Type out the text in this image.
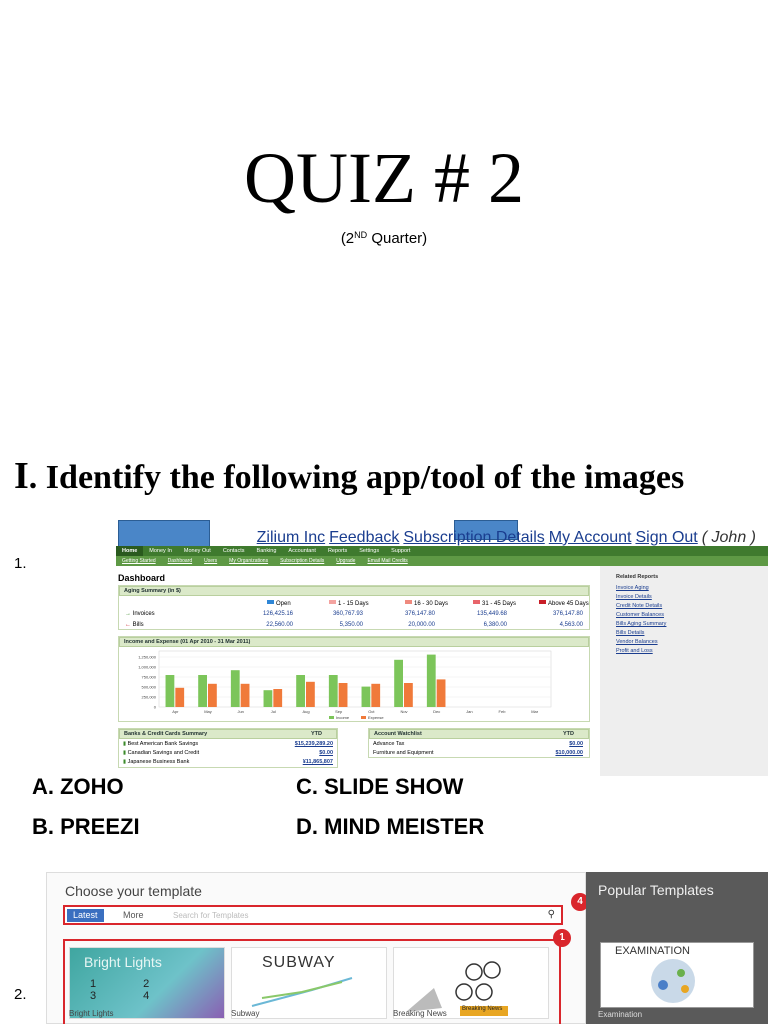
QUIZ # 2
(2ND Quarter)
I. Identify the following app/tool of the images
1.
Zilium Inc Feedback Subscription Details My Account Sign Out ( John )
Home	Money In	Money Out	Contacts	Banking	Accountant	Reports	Settings	Support
Getting Started	Dashboard	Users	My Organizations	Subscription Details	Upgrade	Email Mail Credits
Dashboard
Aging Summary (in $)
Open	1 - 15 Days	16 - 30 Days	31 - 45 Days	Above 45 Days
→ Invoices	126,425.16	360,767.93	376,147.80	135,449.68	376,147.80
← Bills	22,560.00	5,350.00	20,000.00	6,380.00	4,563.00
Income and Expense (01 Apr 2010 - 31 Mar 2011)
0
250,000
500,000
750,000
1,000,000
1,250,000
Apr	May	Jun	Jul	Aug	Sep	Oct	Nov	Dec	Jan	Feb	Mar
Income	Expense
Banks & Credit Cards Summary	YTD
▮ Best American Bank Savings	$15,239,289.20
▮ Canadian Savings and Credit	$0.00
▮ Japanese Business Bank	¥11,865,807
Account Watchlist	YTD
Advance Tax	$0.00
Furniture and Equipment	$10,000.00
Related Reports
Invoice Aging
Invoice Details
Credit Note Details
Customer Balances
Bills Aging Summary
Bills Details
Vendor Balances
Profit and Loss
A. ZOHO	C. SLIDE SHOW
B. PREEZI	D. MIND MEISTER
2.
Choose your template
Latest	More	Search for Templates	⚲
4
1
Bright Lights
1 2 3 4
SUBWAY
Breaking News
Bright Lights	Subway	Breaking News
Popular Templates
EXAMINATION
Examination
